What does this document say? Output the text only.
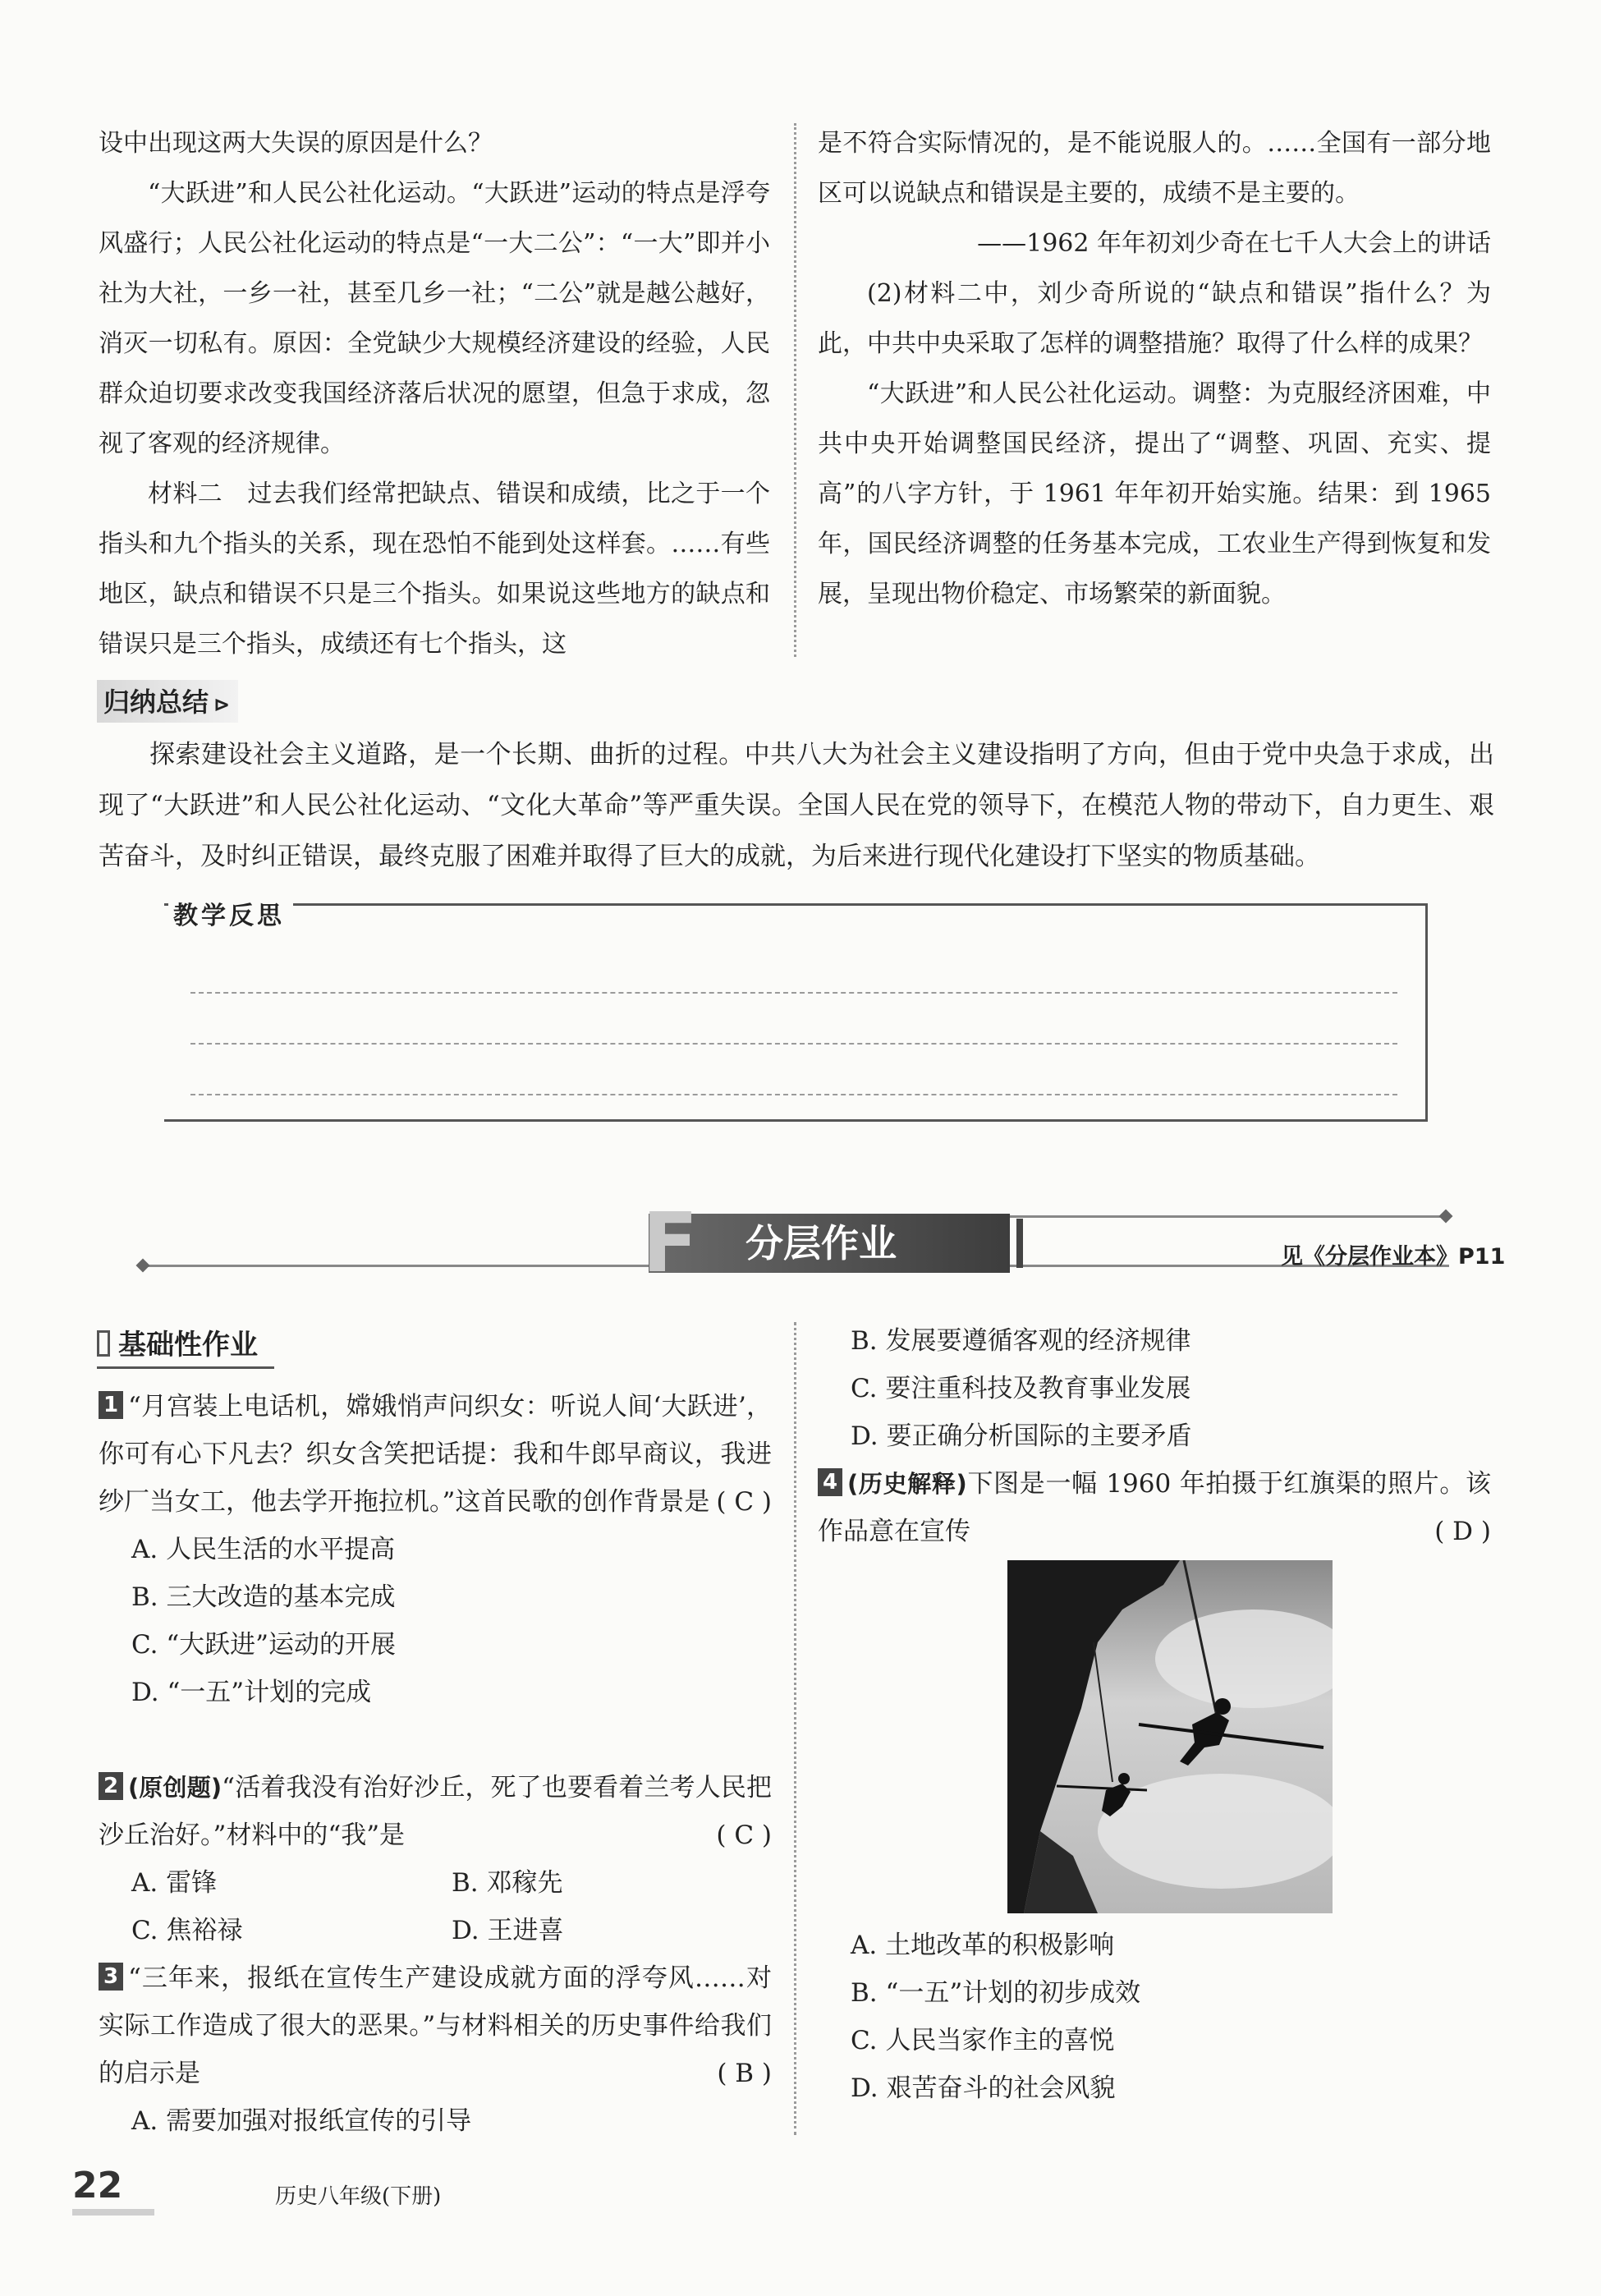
设中出现这两大失误的原因是什么？

“大跃进”和人民公社化运动。“大跃进”运动的特点是浮夸风盛行；人民公社化运动的特点是“一大二公”：“一大”即并小社为大社，一乡一社，甚至几乡一社；“二公”就是越公越好，消灭一切私有。原因：全党缺少大规模经济建设的经验，人民群众迫切要求改变我国经济落后状况的愿望，但急于求成，忽视了客观的经济规律。

材料二　过去我们经常把缺点、错误和成绩，比之于一个指头和九个指头的关系，现在恐怕不能到处这样套。……有些地区，缺点和错误不只是三个指头。如果说这些地方的缺点和错误只是三个指头，成绩还有七个指头，这

是不符合实际情况的，是不能说服人的。……全国有一部分地区可以说缺点和错误是主要的，成绩不是主要的。

——1962 年年初刘少奇在七千人大会上的讲话

(2)材料二中，刘少奇所说的“缺点和错误”指什么？为此，中共中央采取了怎样的调整措施？取得了什么样的成果？

“大跃进”和人民公社化运动。调整：为克服经济困难，中共中央开始调整国民经济，提出了“调整、巩固、充实、提高”的八字方针，于 1961 年年初开始实施。结果：到 1965 年，国民经济调整的任务基本完成，工农业生产得到恢复和发展，呈现出物价稳定、市场繁荣的新面貌。

归纳总结 ⊳

探索建设社会主义道路，是一个长期、曲折的过程。中共八大为社会主义建设指明了方向，但由于党中央急于求成，出现了“大跃进”和人民公社化运动、“文化大革命”等严重失误。全国人民在党的领导下，在模范人物的带动下，自力更生、艰苦奋斗，及时纠正错误，最终克服了困难并取得了巨大的成就，为后来进行现代化建设打下坚实的物质基础。

教学反思
F 分层作业	见《分层作业本》P11
基础性作业

1 “月宫装上电话机，嫦娥悄声问织女：听说人间‘大跃进’，你可有心下凡去？织女含笑把话提：我和牛郎早商议，我进纱厂当女工，他去学开拖拉机。”这首民歌的创作背景是 ( C )

A. 人民生活的水平提高

B. 三大改造的基本完成

C. “大跃进”运动的开展

D. “一五”计划的完成

2 (原创题)“活着我没有治好沙丘，死了也要看着兰考人民把沙丘治好。”材料中的“我”是	( C )

A. 雷锋	B. 邓稼先
C. 焦裕禄	D. 王进喜

3 “三年来，报纸在宣传生产建设成就方面的浮夸风……对实际工作造成了很大的恶果。”与材料相关的历史事件给我们的启示是	( B )

A. 需要加强对报纸宣传的引导

B. 发展要遵循客观的经济规律

C. 要注重科技及教育事业发展

D. 要正确分析国际的主要矛盾

4 (历史解释)下图是一幅 1960 年拍摄于红旗渠的照片。该作品意在宣传	( D )

A. 土地改革的积极影响

B. “一五”计划的初步成效

C. 人民当家作主的喜悦

D. 艰苦奋斗的社会风貌

22	历史八年级(下册)
